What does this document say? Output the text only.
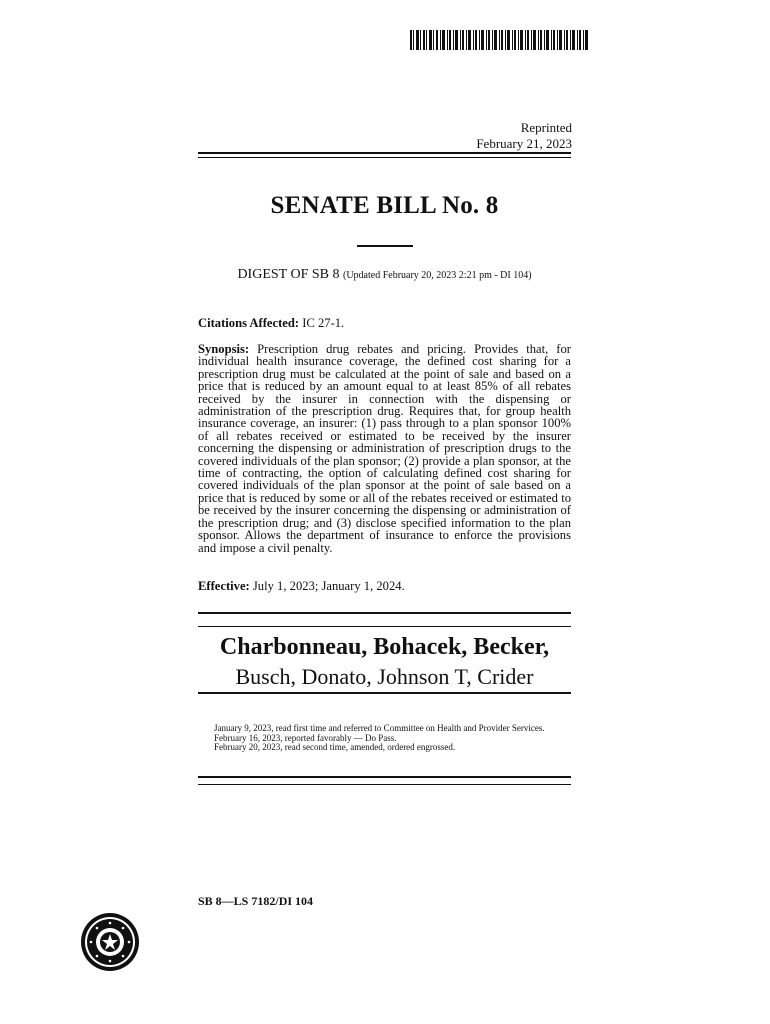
Reprinted
February 21, 2023
SENATE BILL No. 8
DIGEST OF SB 8 (Updated February 20, 2023 2:21 pm - DI 104)
Citations Affected: IC 27-1.
Synopsis: Prescription drug rebates and pricing. Provides that, for individual health insurance coverage, the defined cost sharing for a prescription drug must be calculated at the point of sale and based on a price that is reduced by an amount equal to at least 85% of all rebates received by the insurer in connection with the dispensing or administration of the prescription drug. Requires that, for group health insurance coverage, an insurer: (1) pass through to a plan sponsor 100% of all rebates received or estimated to be received by the insurer concerning the dispensing or administration of prescription drugs to the covered individuals of the plan sponsor; (2) provide a plan sponsor, at the time of contracting, the option of calculating defined cost sharing for covered individuals of the plan sponsor at the point of sale based on a price that is reduced by some or all of the rebates received or estimated to be received by the insurer concerning the dispensing or administration of the prescription drug; and (3) disclose specified information to the plan sponsor. Allows the department of insurance to enforce the provisions and impose a civil penalty.
Effective: July 1, 2023; January 1, 2024.
Charbonneau, Bohacek, Becker,
Busch, Donato, Johnson T, Crider
January 9, 2023, read first time and referred to Committee on Health and Provider Services.
February 16, 2023, reported favorably — Do Pass.
February 20, 2023, read second time, amended, ordered engrossed.
SB 8—LS 7182/DI 104
